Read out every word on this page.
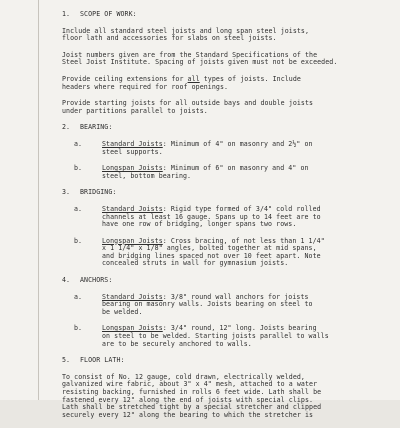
1. SCOPE OF WORK:
Include all standard steel joists and long span steel joists,
floor lath and accessories for slabs on steel joists.
Joist numbers given are from the Standard Specifications of the
Steel Joist Institute. Spacing of joists given must not be exceeded.
Provide ceiling extensions for all types of joists. Include
headers where required for roof openings.
Provide starting joists for all outside bays and double joists
under partitions parallel to joists.
2. BEARING:
a.	Standard Joists: Minimum of 4" on masonry and 2½" on
steel supports.
b.	Longspan Joists: Minimum of 6" on masonry and 4" on
steel, bottom bearing.
3. BRIDGING:
a.	Standard Joists: Rigid type formed of 3/4" cold rolled
channels at least 16 gauge. Spans up to 14 feet are to
have one row of bridging, longer spans two rows.
b.	Longspan Joists: Cross bracing, of not less than 1 1/4"
x 1 1/4" x 1/8" angles, bolted together at mid spans,
and bridging lines spaced not over 10 feet apart. Note
concealed struts in wall for gymnasium joists.
4. ANCHORS:
a.	Standard Joists: 3/8" round wall anchors for joists
bearing on masonry walls. Joists bearing on steel to
be welded.
b.	Longspan Joists: 3/4" round, 12" long. Joists bearing
on steel to be welded. Starting joists parallel to walls
are to be securely anchored to walls.
5. FLOOR LATH:
To consist of No. 12 gauge, cold drawn, electrically welded,
galvanized wire fabric, about 3" x 4" mesh, attached to a water
resisting backing, furnished in rolls 6 feet wide. Lath shall be
fastened every 12" along the end of joists with special clips.
Lath shall be stretched tight by a special stretcher and clipped
securely every 12" along the bearing to which the stretcher is
